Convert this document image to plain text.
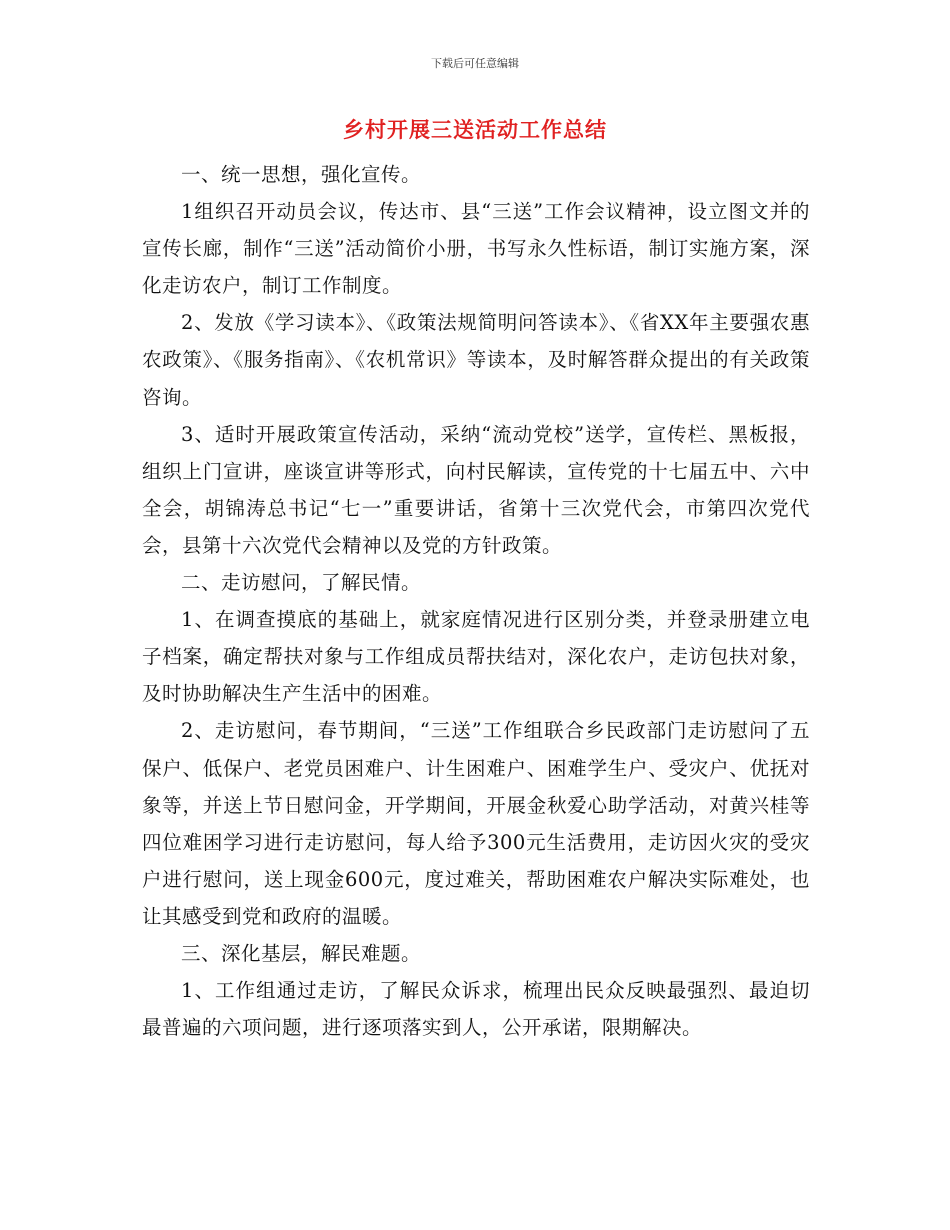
下载后可任意编辑
乡村开展三送活动工作总结

一、统一思想，强化宣传。

1组织召开动员会议，传达市、县“三送”工作会议精神，设立图文并的宣传长廊，制作“三送”活动简价小册，书写永久性标语，制订实施方案，深化走访农户，制订工作制度。

2、发放《学习读本》、《政策法规简明问答读本》、《省XX年主要强农惠农政策》、《服务指南》、《农机常识》等读本，及时解答群众提出的有关政策咨询。

3、适时开展政策宣传活动，采纳“流动党校”送学，宣传栏、黑板报，组织上门宣讲，座谈宣讲等形式，向村民解读，宣传党的十七届五中、六中全会，胡锦涛总书记“七一”重要讲话，省第十三次党代会，市第四次党代会，县第十六次党代会精神以及党的方针政策。

二、走访慰问，了解民情。

1、在调查摸底的基础上，就家庭情况进行区别分类，并登录册建立电子档案，确定帮扶对象与工作组成员帮扶结对，深化农户，走访包扶对象，及时协助解决生产生活中的困难。

2、走访慰问，春节期间，“三送”工作组联合乡民政部门走访慰问了五保户、低保户、老党员困难户、计生困难户、困难学生户、受灾户、优抚对象等，并送上节日慰问金，开学期间，开展金秋爱心助学活动，对黄兴桂等四位难困学习进行走访慰问，每人给予300元生活费用，走访因火灾的受灾户进行慰问，送上现金600元，度过难关，帮助困难农户解决实际难处，也让其感受到党和政府的温暖。

三、深化基层，解民难题。

1、工作组通过走访，了解民众诉求，梳理出民众反映最强烈、最迫切最普遍的六项问题，进行逐项落实到人，公开承诺，限期解决。
